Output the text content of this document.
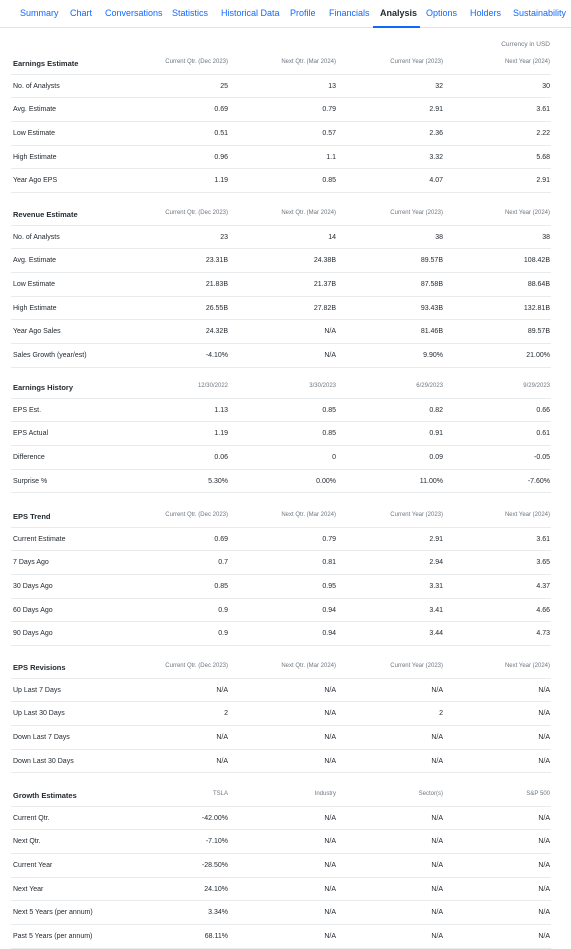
Summary Chart Conversations Statistics Historical Data Profile Financials Analysis Options Holders Sustainability
Currency in USD
Earnings Estimate	Current Qtr. (Dec 2023)	Next Qtr. (Mar 2024)	Current Year (2023)	Next Year (2024)
No. of Analysts	25	13	32	30
Avg. Estimate	0.69	0.79	2.91	3.61
Low Estimate	0.51	0.57	2.36	2.22
High Estimate	0.96	1.1	3.32	5.68
Year Ago EPS	1.19	0.85	4.07	2.91
Revenue Estimate	Current Qtr. (Dec 2023)	Next Qtr. (Mar 2024)	Current Year (2023)	Next Year (2024)
No. of Analysts	23	14	38	38
Avg. Estimate	23.31B	24.38B	89.57B	108.42B
Low Estimate	21.83B	21.37B	87.58B	88.64B
High Estimate	26.55B	27.82B	93.43B	132.81B
Year Ago Sales	24.32B	N/A	81.46B	89.57B
Sales Growth (year/est)	-4.10%	N/A	9.90%	21.00%
Earnings History	12/30/2022	3/30/2023	6/29/2023	9/29/2023
EPS Est.	1.13	0.85	0.82	0.66
EPS Actual	1.19	0.85	0.91	0.61
Difference	0.06	0	0.09	-0.05
Surprise %	5.30%	0.00%	11.00%	-7.60%
EPS Trend	Current Qtr. (Dec 2023)	Next Qtr. (Mar 2024)	Current Year (2023)	Next Year (2024)
Current Estimate	0.69	0.79	2.91	3.61
7 Days Ago	0.7	0.81	2.94	3.65
30 Days Ago	0.85	0.95	3.31	4.37
60 Days Ago	0.9	0.94	3.41	4.66
90 Days Ago	0.9	0.94	3.44	4.73
EPS Revisions	Current Qtr. (Dec 2023)	Next Qtr. (Mar 2024)	Current Year (2023)	Next Year (2024)
Up Last 7 Days	N/A	N/A	N/A	N/A
Up Last 30 Days	2	N/A	2	N/A
Down Last 7 Days	N/A	N/A	N/A	N/A
Down Last 30 Days	N/A	N/A	N/A	N/A
Growth Estimates	TSLA	Industry	Sector(s)	S&P 500
Current Qtr.	-42.00%	N/A	N/A	N/A
Next Qtr.	-7.10%	N/A	N/A	N/A
Current Year	-28.50%	N/A	N/A	N/A
Next Year	24.10%	N/A	N/A	N/A
Next 5 Years (per annum)	3.34%	N/A	N/A	N/A
Past 5 Years (per annum)	68.11%	N/A	N/A	N/A
